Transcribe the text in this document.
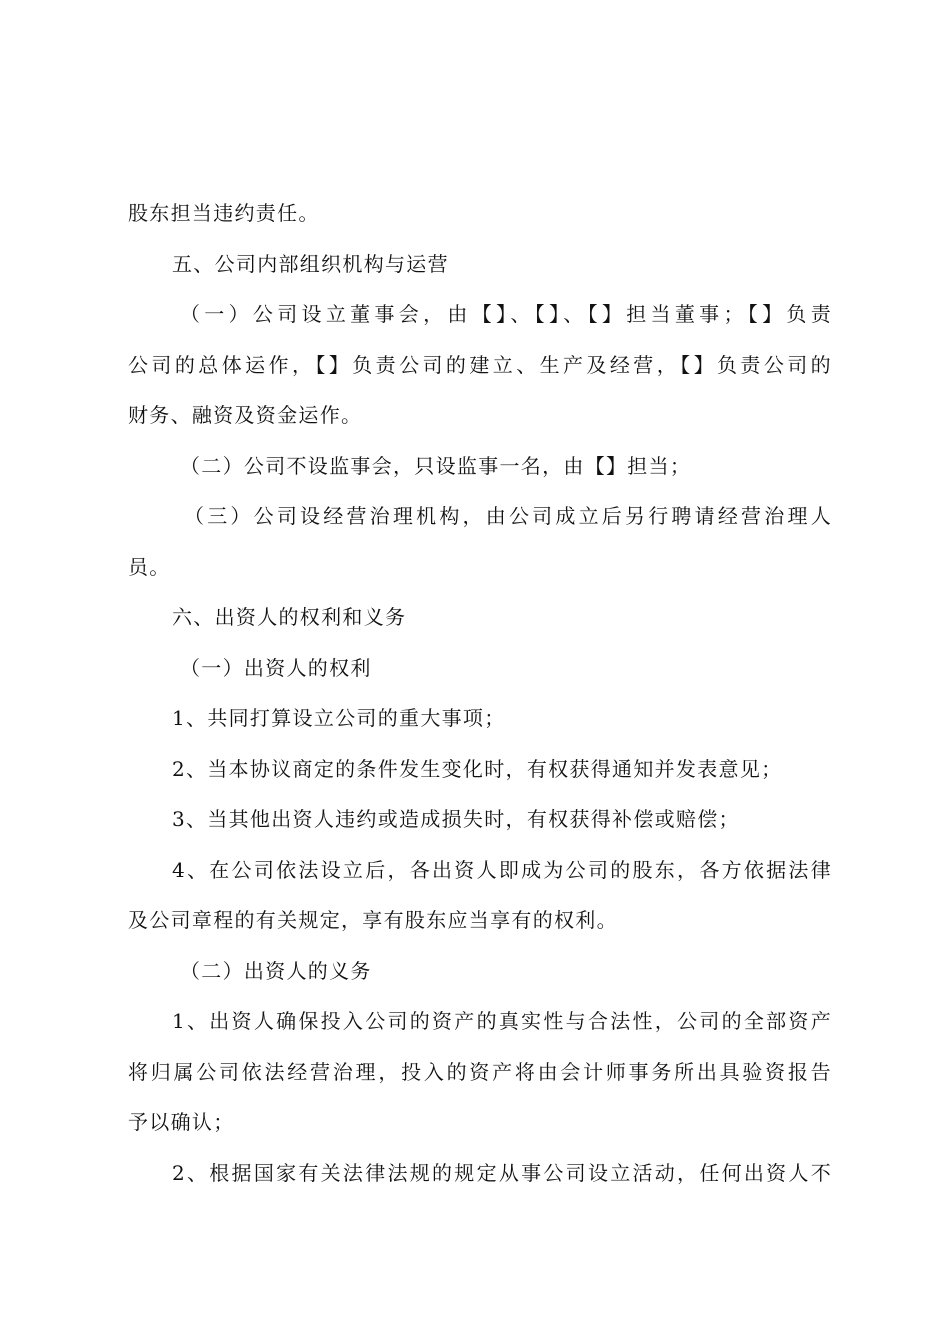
股东担当违约责任。
五、公司内部组织机构与运营
（一）公司设立董事会，由【】、【】、【】担当董事；【】负责
公司的总体运作，【】负责公司的建立、生产及经营，【】负责公司的
财务、融资及资金运作。
（二）公司不设监事会，只设监事一名，由【】担当；
（三）公司设经营治理机构，由公司成立后另行聘请经营治理人
员。
六、出资人的权利和义务
（一）出资人的权利
1、共同打算设立公司的重大事项；
2、当本协议商定的条件发生变化时，有权获得通知并发表意见；
3、当其他出资人违约或造成损失时，有权获得补偿或赔偿；
4、在公司依法设立后，各出资人即成为公司的股东，各方依据法律
及公司章程的有关规定，享有股东应当享有的权利。
（二）出资人的义务
1、出资人确保投入公司的资产的真实性与合法性，公司的全部资产
将归属公司依法经营治理，投入的资产将由会计师事务所出具验资报告
予以确认；
2、根据国家有关法律法规的规定从事公司设立活动，任何出资人不
